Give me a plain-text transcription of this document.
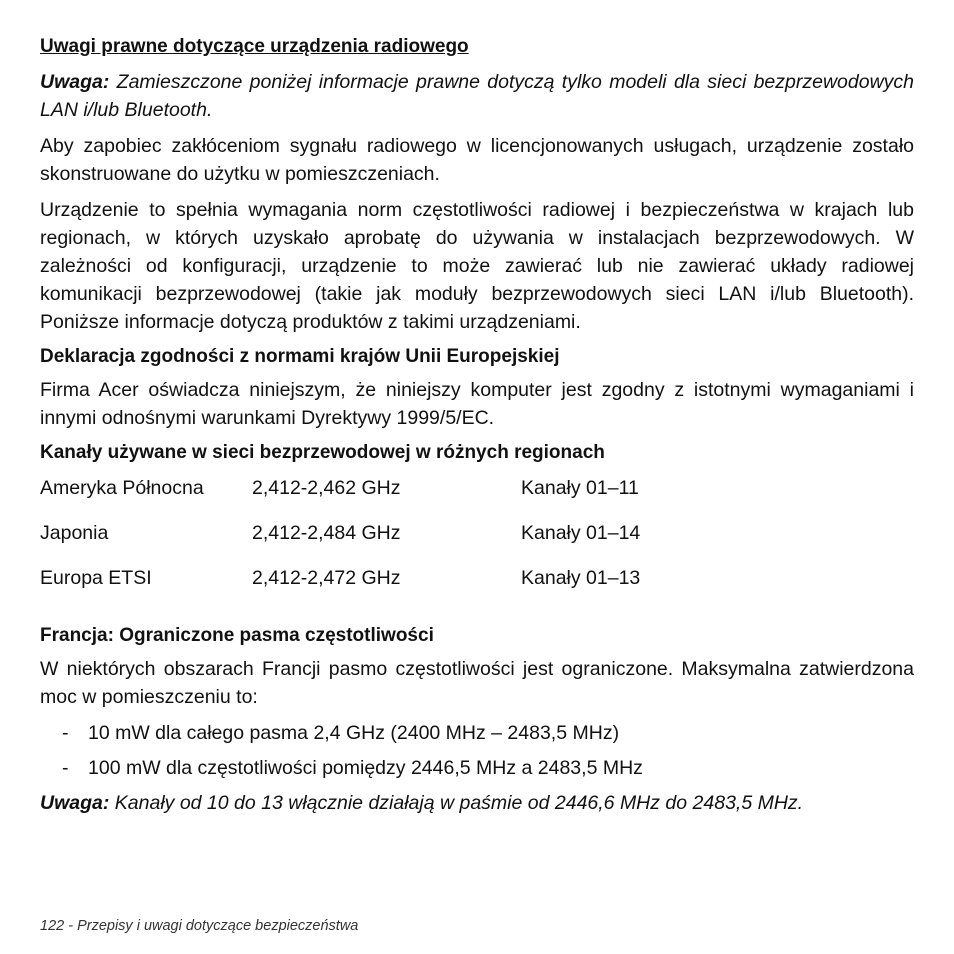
Uwagi prawne dotyczące urządzenia radiowego

Uwaga: Zamieszczone poniżej informacje prawne dotyczą tylko modeli dla sieci bezprzewodowych LAN i/lub Bluetooth.

Aby zapobiec zakłóceniom sygnału radiowego w licencjonowanych usługach, urządzenie zostało skonstruowane do użytku w pomieszczeniach.

Urządzenie to spełnia wymagania norm częstotliwości radiowej i bezpieczeństwa w krajach lub regionach, w których uzyskało aprobatę do używania w instalacjach bezprzewodowych. W zależności od konfiguracji, urządzenie to może zawierać lub nie zawierać układy radiowej komunikacji bezprzewodowej (takie jak moduły bezprzewodowych sieci LAN i/lub Bluetooth). Poniższe informacje dotyczą produktów z takimi urządzeniami.

Deklaracja zgodności z normami krajów Unii Europejskiej

Firma Acer oświadcza niniejszym, że niniejszy komputer jest zgodny z istotnymi wymaganiami i innymi odnośnymi warunkami Dyrektywy 1999/5/EC.

Kanały używane w sieci bezprzewodowej w różnych regionach
Ameryka Północna	2,412-2,462 GHz	Kanały 01–11
Japonia	2,412-2,484 GHz	Kanały 01–14
Europa ETSI	2,412-2,472 GHz	Kanały 01–13
Francja: Ograniczone pasma częstotliwości

W niektórych obszarach Francji pasmo częstotliwości jest ograniczone. Maksymalna zatwierdzona moc w pomieszczeniu to:

-	10 mW dla całego pasma 2,4 GHz (2400 MHz – 2483,5 MHz)
-	100 mW dla częstotliwości pomiędzy 2446,5 MHz a 2483,5 MHz

Uwaga: Kanały od 10 do 13 włącznie działają w paśmie od 2446,6 MHz do 2483,5 MHz.

122 - Przepisy i uwagi dotyczące bezpieczeństwa
